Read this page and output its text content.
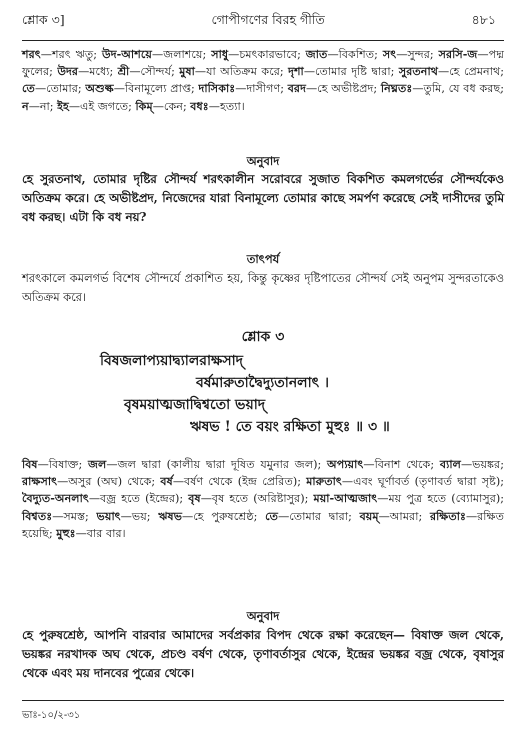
শ্লোক ৩]	গোপীগণের বিরহ গীতি	৪৮১
শরৎ—শরৎ ঋতু; উদ-আশয়ে—জলাশয়ে; সাধু—চমৎকারভাবে; জাত—বিকশিত; সৎ—সুন্দর; সরসি-জ—পদ্ম ফুলের; উদর—মধ্যে; শ্রী—সৌন্দর্য; মুষা—যা অতিক্রম করে; দৃশা—তোমার দৃষ্টি দ্বারা; সুরতনাথ—হে প্রেমনাথ; তে—তোমার; অশুল্ক—বিনামূল্যে প্রাপ্ত; দাসিকাঃ—দাসীগণ; বরদ—হে অভীষ্টপ্রদ; নিঘ্নতঃ—তুমি, যে বধ করছ; ন—না; ইহ—এই জগতে; কিম্—কেন; বধঃ—হত্যা।
অনুবাদ
হে সুরতনাথ, তোমার দৃষ্টির সৌন্দর্য শরৎকালীন সরোবরে সুজাত বিকশিত কমলগর্ভের সৌন্দর্যকেও অতিক্রম করে। হে অভীষ্টপ্রদ, নিজেদের যারা বিনামূল্যে তোমার কাছে সমর্পণ করেছে সেই দাসীদের তুমি বধ করছ। এটা কি বধ নয়?
তাৎপর্য
শরৎকালে কমলগর্ভ বিশেষ সৌন্দর্যে প্রকাশিত হয়, কিন্তু কৃষ্ণের দৃষ্টিপাতের সৌন্দর্য সেই অনুপম সুন্দরতাকেও অতিক্রম করে।
শ্লোক ৩
বিষজলাপ্যয়াদ্ব্যালরাক্ষসাদ্
বর্ষমারুতাদ্বৈদ্যুতানলাৎ ।
বৃষময়াত্মজাদ্বিশ্বতো ভয়াদ্
ঋষভ ! তে বয়ং রক্ষিতা মুহুঃ ॥ ৩ ॥
বিষ—বিষাক্ত; জল—জল দ্বারা (কালীয় দ্বারা দূষিত যমুনার জল); অপ্যয়াৎ—বিনাশ থেকে; ব্যাল—ভয়ঙ্কর; রাক্ষসাৎ—অসুর (অঘ) থেকে; বর্ষ—বর্ষণ থেকে (ইন্দ্র প্রেরিত); মারুতাৎ—এবং ঘূর্ণাবর্ত (তৃণাবর্ত দ্বারা সৃষ্ট); বৈদ্যুত-অনলাৎ—বজ্র হতে (ইন্দ্রের); বৃষ—বৃষ হতে (অরিষ্টাসুর); ময়া-আত্মজাৎ—ময় পুত্র হতে (ব্যোমাসুর); বিশ্বতঃ—সমস্ত; ভয়াৎ—ভয়; ঋষভ—হে পুরুষশ্রেষ্ঠ; তে—তোমার দ্বারা; বয়ম্—আমরা; রক্ষিতাঃ—রক্ষিত হয়েছি; মুহুঃ—বার বার।
অনুবাদ
হে পুরুষশ্রেষ্ঠ, আপনি বারবার আমাদের সর্বপ্রকার বিপদ থেকে রক্ষা করেছেন— বিষাক্ত জল থেকে, ভয়ঙ্কর নরখাদক অঘ থেকে, প্রচণ্ড বর্ষণ থেকে, তৃণাবর্তাসুর থেকে, ইন্দ্রের ভয়ঙ্কর বজ্র থেকে, বৃষাসুর থেকে এবং ময় দানবের পুত্রের থেকে।
ভাঃ-১০/২-৩১
